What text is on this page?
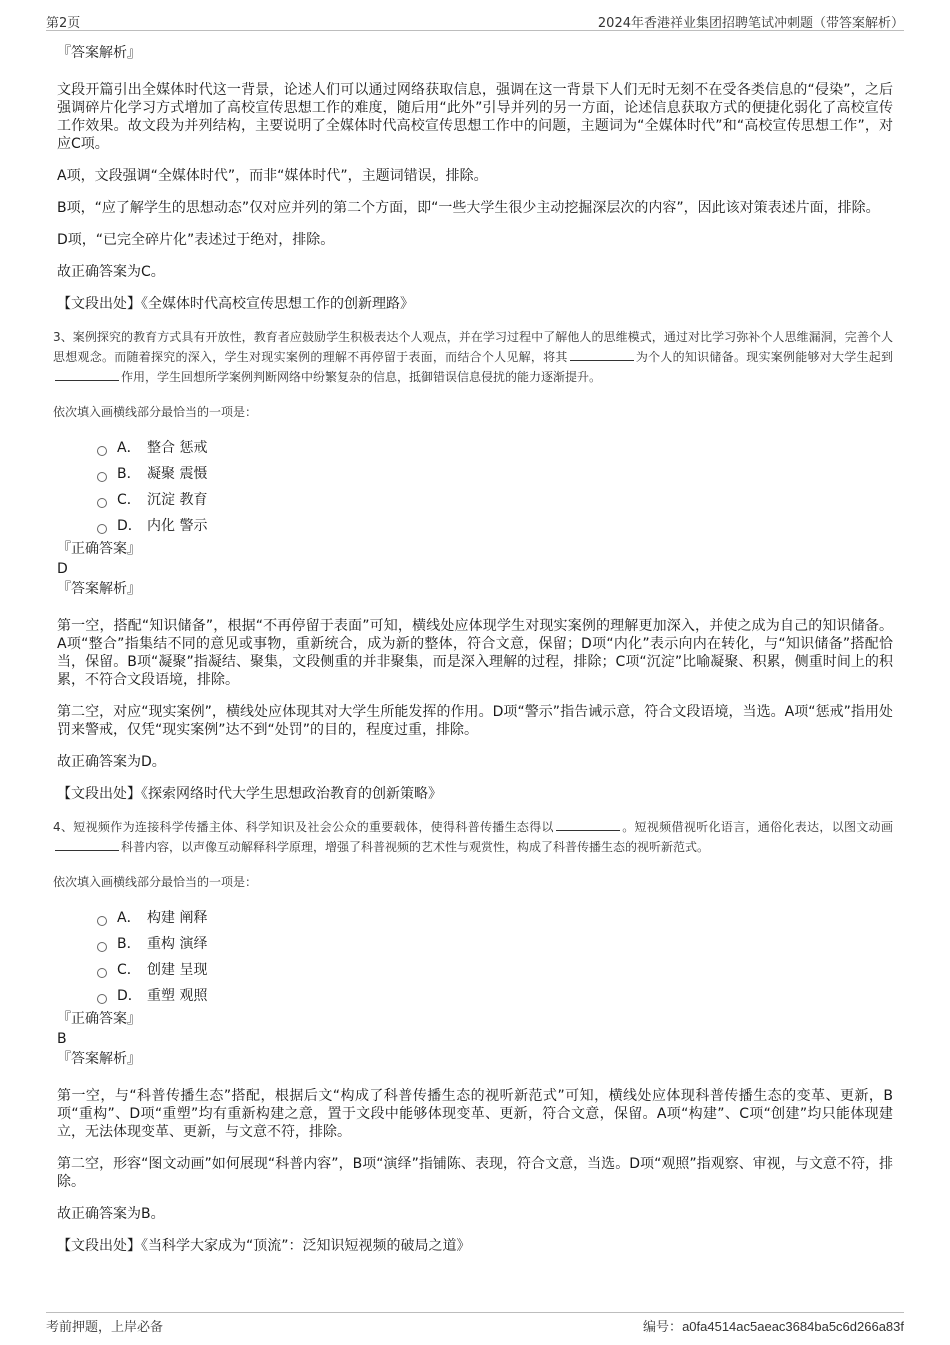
第2页	2024年香港祥业集团招聘笔试冲刺题（带答案解析）

『答案解析』

文段开篇引出全媒体时代这一背景，论述人们可以通过网络获取信息，强调在这一背景下人们无时无刻不在受各类信息的“侵染”，之后强调碎片化学习方式增加了高校宣传思想工作的难度，随后用“此外”引导并列的另一方面，论述信息获取方式的便捷化弱化了高校宣传工作效果。故文段为并列结构，主要说明了全媒体时代高校宣传思想工作中的问题，主题词为“全媒体时代”和“高校宣传思想工作”，对应C项。

A项，文段强调“全媒体时代”，而非“媒体时代”，主题词错误，排除。

B项，“应了解学生的思想动态”仅对应并列的第二个方面，即“一些大学生很少主动挖掘深层次的内容”，因此该对策表述片面，排除。

D项，“已完全碎片化”表述过于绝对，排除。

故正确答案为C。

【文段出处】《全媒体时代高校宣传思想工作的创新理路》

3、案例探究的教育方式具有开放性，教育者应鼓励学生积极表达个人观点，并在学习过程中了解他人的思维模式，通过对比学习弥补个人思维漏洞，完善个人思想观念。而随着探究的深入，学生对现实案例的理解不再停留于表面，而结合个人见解，将其	为个人的知识储备。现实案例能够对大学生起到作用，学生回想所学案例判断网络中纷繁复杂的信息，抵御错误信息侵扰的能力逐渐提升。

依次填入画横线部分最恰当的一项是：

A． 整合 惩戒
B． 凝聚 震慑
C． 沉淀 教育
D． 内化 警示

『正确答案』

D

『答案解析』

第一空，搭配“知识储备”，根据“不再停留于表面”可知，横线处应体现学生对现实案例的理解更加深入，并使之成为自己的知识储备。A项“整合”指集结不同的意见或事物，重新统合，成为新的整体，符合文意，保留；D项“内化”表示向内在转化，与“知识储备”搭配恰当，保留。B项“凝聚”指凝结、聚集，文段侧重的并非聚集，而是深入理解的过程，排除；C项“沉淀”比喻凝聚、积累，侧重时间上的积累，不符合文段语境，排除。

第二空，对应“现实案例”，横线处应体现其对大学生所能发挥的作用。D项“警示”指告诫示意，符合文段语境，当选。A项“惩戒”指用处罚来警戒，仅凭“现实案例”达不到“处罚”的目的，程度过重，排除。

故正确答案为D。

【文段出处】《探索网络时代大学生思想政治教育的创新策略》

4、短视频作为连接科学传播主体、科学知识及社会公众的重要载体，使得科普传播生态得以	。短视频借视听化语言，通俗化表达，以图文动画科普内容，以声像互动解释科学原理，增强了科普视频的艺术性与观赏性，构成了科普传播生态的视听新范式。

依次填入画横线部分最恰当的一项是：

A． 构建 阐释
B． 重构 演绎
C． 创建 呈现
D． 重塑 观照

『正确答案』

B

『答案解析』

第一空，与“科普传播生态”搭配，根据后文“构成了科普传播生态的视听新范式”可知，横线处应体现科普传播生态的变革、更新，B项“重构”、D项“重塑”均有重新构建之意，置于文段中能够体现变革、更新，符合文意，保留。A项“构建”、C项“创建”均只能体现建立，无法体现变革、更新，与文意不符，排除。

第二空，形容“图文动画”如何展现“科普内容”，B项“演绎”指铺陈、表现，符合文意，当选。D项“观照”指观察、审视，与文意不符，排除。

故正确答案为B。

【文段出处】《当科学大家成为“顶流”：泛知识短视频的破局之道》

考前押题，上岸必备	编号：a0fa4514ac5aeac3684ba5c6d266a83f
